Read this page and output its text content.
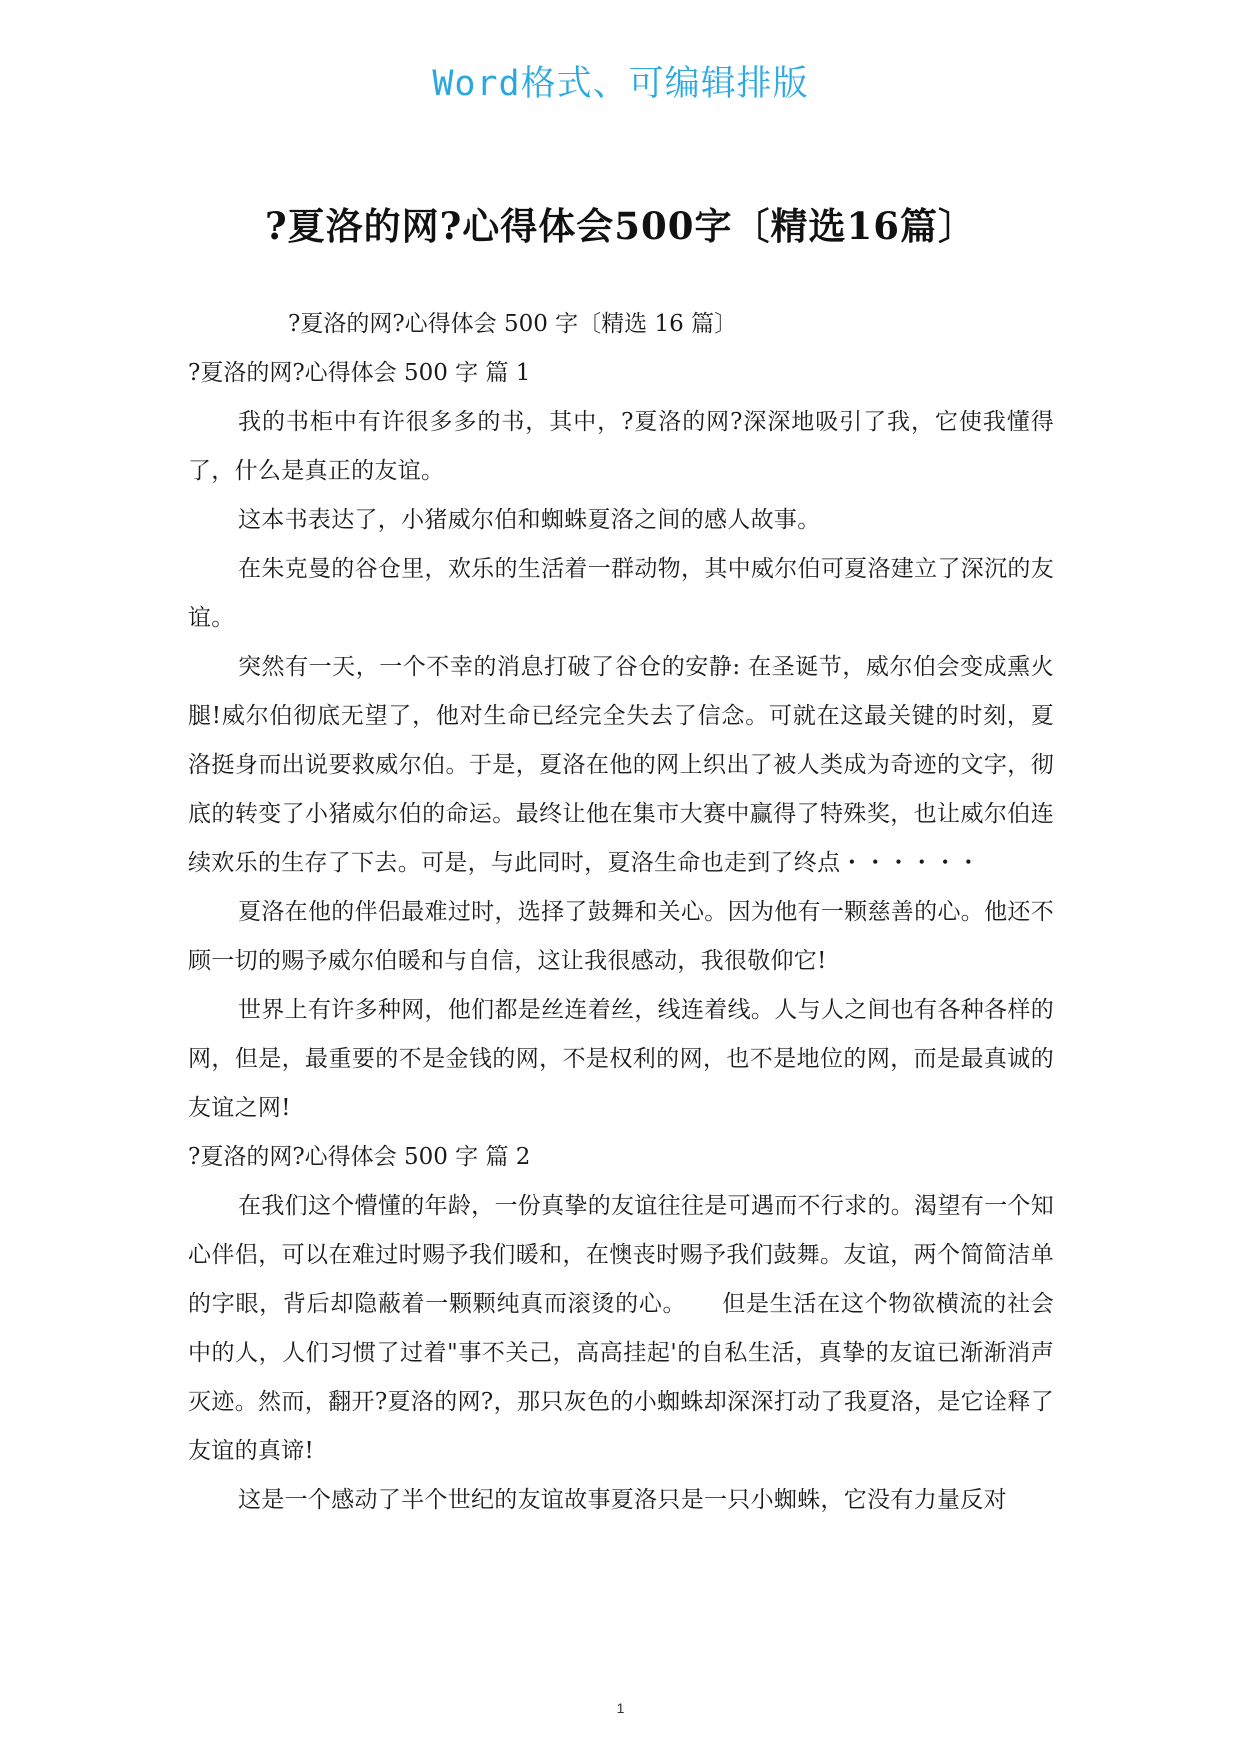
Word格式、可编辑排版
?夏洛的网?心得体会500字〔精选16篇〕

?夏洛的网?心得体会 500 字〔精选 16 篇〕

?夏洛的网?心得体会 500 字 篇 1

我的书柜中有许很多多的书，其中，?夏洛的网?深深地吸引了我，它使我懂得了，什么是真正的友谊。

这本书表达了，小猪威尔伯和蜘蛛夏洛之间的感人故事。

在朱克曼的谷仓里，欢乐的生活着一群动物，其中威尔伯可夏洛建立了深沉的友谊。

突然有一天，一个不幸的消息打破了谷仓的安静: 在圣诞节，威尔伯会变成熏火腿!威尔伯彻底无望了，他对生命已经完全失去了信念。可就在这最关键的时刻，夏洛挺身而出说要救威尔伯。于是，夏洛在他的网上织出了被人类成为奇迹的文字，彻底的转变了小猪威尔伯的命运。最终让他在集市大赛中赢得了特殊奖，也让威尔伯连续欢乐的生存了下去。可是，与此同时，夏洛生命也走到了终点・・・・・・

夏洛在他的伴侣最难过时，选择了鼓舞和关心。因为他有一颗慈善的心。他还不顾一切的赐予威尔伯暖和与自信，这让我很感动，我很敬仰它!

世界上有许多种网，他们都是丝连着丝，线连着线。人与人之间也有各种各样的网，但是，最重要的不是金钱的网，不是权利的网，也不是地位的网，而是最真诚的友谊之网!

?夏洛的网?心得体会 500 字 篇 2

在我们这个懵懂的年龄，一份真挚的友谊往往是可遇而不行求的。渴望有一个知心伴侣，可以在难过时赐予我们暖和，在懊丧时赐予我们鼓舞。友谊，两个简简洁单的字眼，背后却隐蔽着一颗颗纯真而滚烫的心。　　但是生活在这个物欲横流的社会中的人，人们习惯了过着"事不关己，高高挂起'的自私生活，真挚的友谊已渐渐消声灭迹。然而，翻开?夏洛的网?，那只灰色的小蜘蛛却深深打动了我夏洛，是它诠释了友谊的真谛!

这是一个感动了半个世纪的友谊故事夏洛只是一只小蜘蛛，它没有力量反对

1
